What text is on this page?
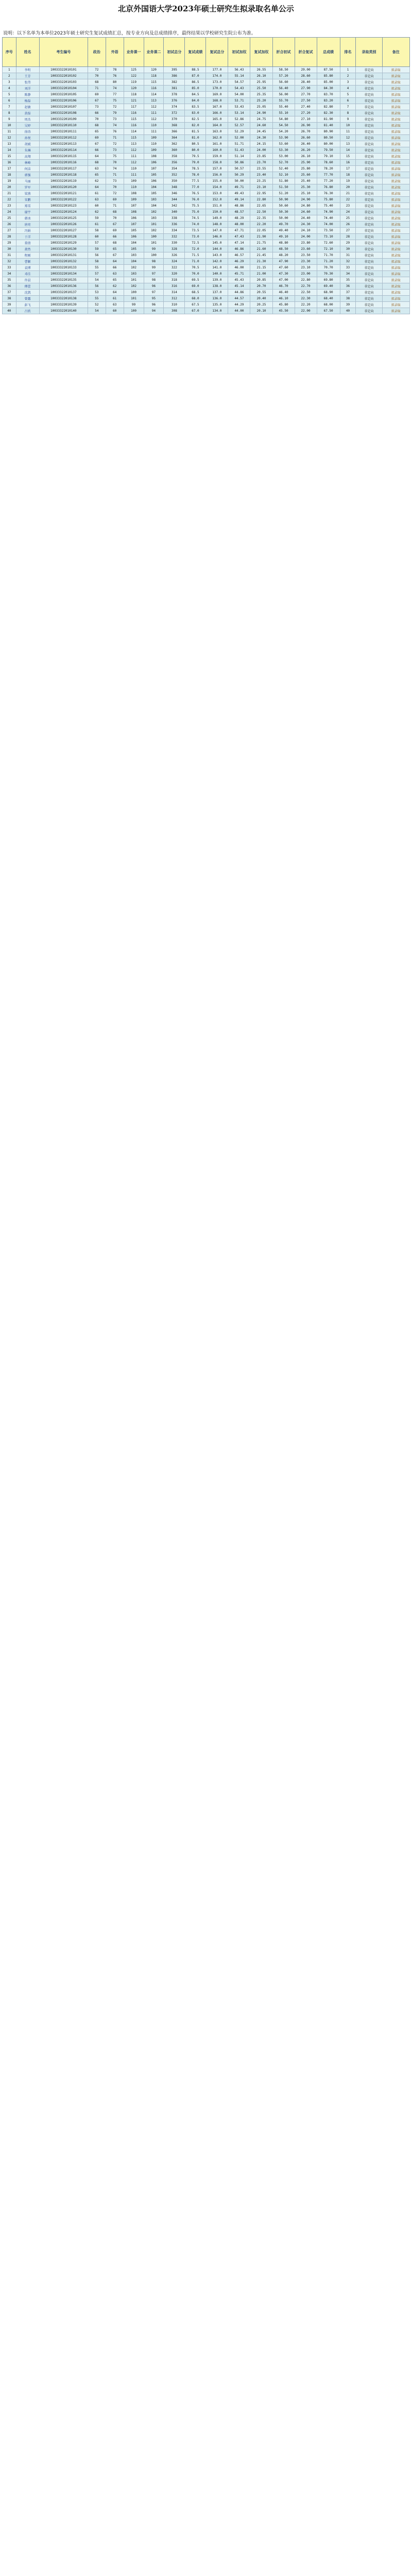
北京外国语大学2023年硕士研究生拟录取名单公示
说明：以下名单为本单位2023年硕士研究生复试成绩汇总，按专业方向及总成绩排序，最终结果以学校研究生院公布为准。
序号	姓名	考生编号	政治	外语	业务课一	业务课二	初试总分	复试成绩	复试总分	初试加权	复试加权	折合初试	折合复试	总成绩	排名	录取类别	备注
1	李明	10033322010101	72	78	125	120	395	88.5	177.0	56.43	26.55	58.50	29.00	87.50	1	非定向	拟录取
2	王芳	10033322010102	70	76	122	118	386	87.0	174.0	55.14	26.10	57.20	28.60	85.80	2	非定向	拟录取
3	张伟	10033322010103	68	80	119	115	382	86.5	173.0	54.57	25.95	56.60	28.40	85.00	3	非定向	拟录取
4	刘洋	10033322010104	71	74	120	116	381	85.0	170.0	54.43	25.50	56.40	27.90	84.30	4	非定向	拟录取
5	陈静	10033322010105	69	77	118	114	378	84.5	169.0	54.00	25.35	56.00	27.70	83.70	5	非定向	拟录取
6	杨磊	10033322010106	67	75	121	113	376	84.0	168.0	53.71	25.20	55.70	27.50	83.20	6	非定向	拟录取
7	赵敏	10033322010107	73	72	117	112	374	83.5	167.0	53.43	25.05	55.40	27.40	82.80	7	非定向	拟录取
8	黄磊	10033322010108	66	79	116	111	372	83.0	166.0	53.14	24.90	55.10	27.20	82.30	8	非定向	拟录取
9	周杰	10033322010109	70	73	115	112	370	82.5	165.0	52.86	24.75	54.80	27.10	81.90	9	非定向	拟录取
10	吴婷	10033322010110	68	74	116	110	368	82.0	164.0	52.57	24.60	54.50	26.90	81.40	10	非定向	拟录取
11	徐涛	10033322010111	65	76	114	111	366	81.5	163.0	52.29	24.45	54.20	26.70	80.90	11	非定向	拟录取
12	孙悦	10033322010112	69	71	115	109	364	81.0	162.0	52.00	24.30	53.90	26.60	80.50	12	非定向	拟录取
13	胡斌	10033322010113	67	72	113	110	362	80.5	161.0	51.71	24.15	53.60	26.40	80.00	13	非定向	拟录取
14	朱琳	10033322010114	66	73	112	109	360	80.0	160.0	51.43	24.00	53.30	26.20	79.50	14	非定向	拟录取
15	高翔	10033322010115	64	75	111	108	358	79.5	159.0	51.14	23.85	53.00	26.10	79.10	15	非定向	拟录取
16	林峰	10033322010116	68	70	112	106	356	79.0	158.0	50.86	23.70	52.70	25.90	78.60	16	非定向	拟录取
17	何洁	10033322010117	63	74	110	107	354	78.5	157.0	50.57	23.55	52.40	25.80	78.20	17	非定向	拟录取
18	郭强	10033322010118	65	71	111	105	352	78.0	156.0	50.29	23.40	52.10	25.60	77.70	18	非定向	拟录取
19	马丽	10033322010119	62	73	109	106	350	77.5	155.0	50.00	23.25	51.80	25.40	77.20	19	非定向	拟录取
20	罗军	10033322010120	64	70	110	104	348	77.0	154.0	49.71	23.10	51.50	25.30	76.80	20	非定向	拟录取
21	梁燕	10033322010121	61	72	108	105	346	76.5	153.0	49.43	22.95	51.20	25.10	76.30	21	非定向	拟录取
22	宋鹏	10033322010122	63	69	109	103	344	76.0	152.0	49.14	22.80	50.90	24.90	75.80	22	非定向	拟录取
23	郑雪	10033322010123	60	71	107	104	342	75.5	151.0	48.86	22.65	50.60	24.80	75.40	23	非定向	拟录取
24	谢宇	10033322010124	62	68	108	102	340	75.0	150.0	48.57	22.50	50.30	24.60	74.90	24	非定向	拟录取
25	韩冰	10033322010125	59	70	106	103	338	74.5	149.0	48.29	22.35	50.00	24.40	74.40	25	非定向	拟录取
26	唐亮	10033322010126	61	67	107	101	336	74.0	148.0	48.00	22.20	49.70	24.30	74.00	26	非定向	拟录取
27	冯娟	10033322010127	58	69	105	102	334	73.5	147.0	47.71	22.05	49.40	24.10	73.50	27	非定向	拟录取
28	于洋	10033322010128	60	66	106	100	332	73.0	146.0	47.43	21.90	49.10	24.00	73.10	28	非定向	拟录取
29	董倩	10033322010129	57	68	104	101	330	72.5	145.0	47.14	21.75	48.80	23.80	72.60	29	非定向	拟录取
30	萧然	10033322010130	59	65	105	99	328	72.0	144.0	46.86	21.60	48.50	23.60	72.10	30	非定向	拟录取
31	程刚	10033322010131	56	67	103	100	326	71.5	143.0	46.57	21.45	48.20	23.50	71.70	31	非定向	拟录取
32	曹颖	10033322010132	58	64	104	98	324	71.0	142.0	46.29	21.30	47.90	23.30	71.20	32	非定向	拟录取
33	袁博	10033322010133	55	66	102	99	322	70.5	141.0	46.00	21.15	47.60	23.10	70.70	33	非定向	拟录取
34	邓佳	10033322010134	57	63	103	97	320	70.0	140.0	45.71	21.00	47.30	23.00	70.30	34	非定向	拟录取
35	许晨	10033322010135	54	65	101	98	318	69.5	139.0	45.43	20.85	47.00	22.80	69.80	35	非定向	拟录取
36	傅蕾	10033322010136	56	62	102	96	316	69.0	138.0	45.14	20.70	46.70	22.70	69.40	36	非定向	拟录取
37	沈凯	10033322010137	53	64	100	97	314	68.5	137.0	44.86	20.55	46.40	22.50	68.90	37	非定向	拟录取
38	曾露	10033322010138	55	61	101	95	312	68.0	136.0	44.57	20.40	46.10	22.30	68.40	38	非定向	拟录取
39	彭飞	10033322010139	52	63	99	96	310	67.5	135.0	44.29	20.25	45.80	22.20	68.00	39	非定向	拟录取
40	吕欣	10033322010140	54	60	100	94	308	67.0	134.0	44.00	20.10	45.50	22.00	67.50	40	非定向	拟录取
